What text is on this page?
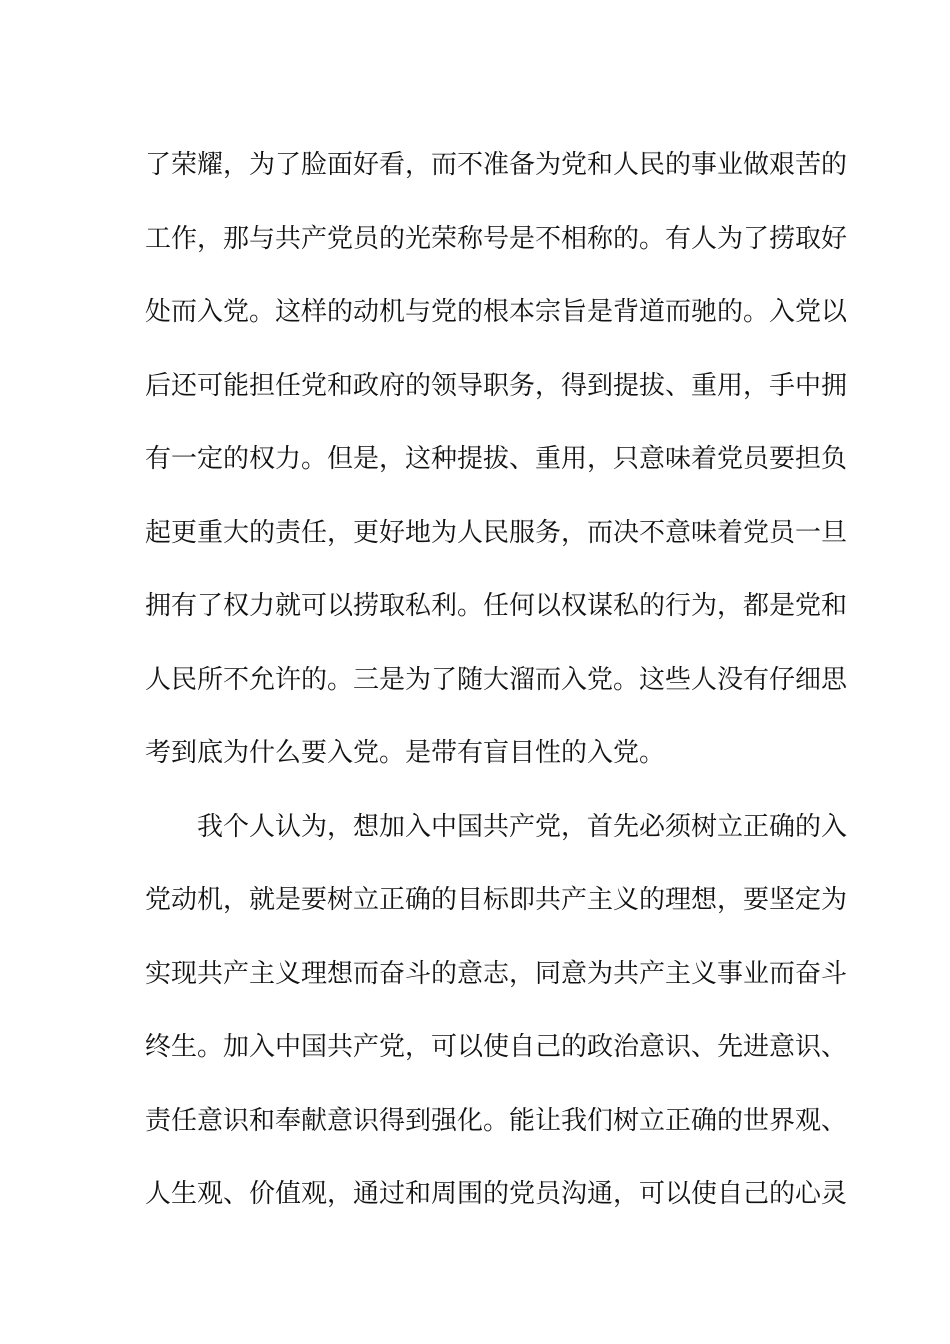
了荣耀，为了脸面好看，而不准备为党和人民的事业做艰苦的
工作，那与共产党员的光荣称号是不相称的。有人为了捞取好
处而入党。这样的动机与党的根本宗旨是背道而驰的。入党以
后还可能担任党和政府的领导职务，得到提拔、重用，手中拥
有一定的权力。但是，这种提拔、重用，只意味着党员要担负
起更重大的责任，更好地为人民服务，而决不意味着党员一旦
拥有了权力就可以捞取私利。任何以权谋私的行为，都是党和
人民所不允许的。三是为了随大溜而入党。这些人没有仔细思
考到底为什么要入党。是带有盲目性的入党。
我个人认为，想加入中国共产党，首先必须树立正确的入
党动机，就是要树立正确的目标即共产主义的理想，要坚定为
实现共产主义理想而奋斗的意志，同意为共产主义事业而奋斗
终生。加入中国共产党，可以使自己的政治意识、先进意识、
责任意识和奉献意识得到强化。能让我们树立正确的世界观、
人生观、价值观，通过和周围的党员沟通，可以使自己的心灵
